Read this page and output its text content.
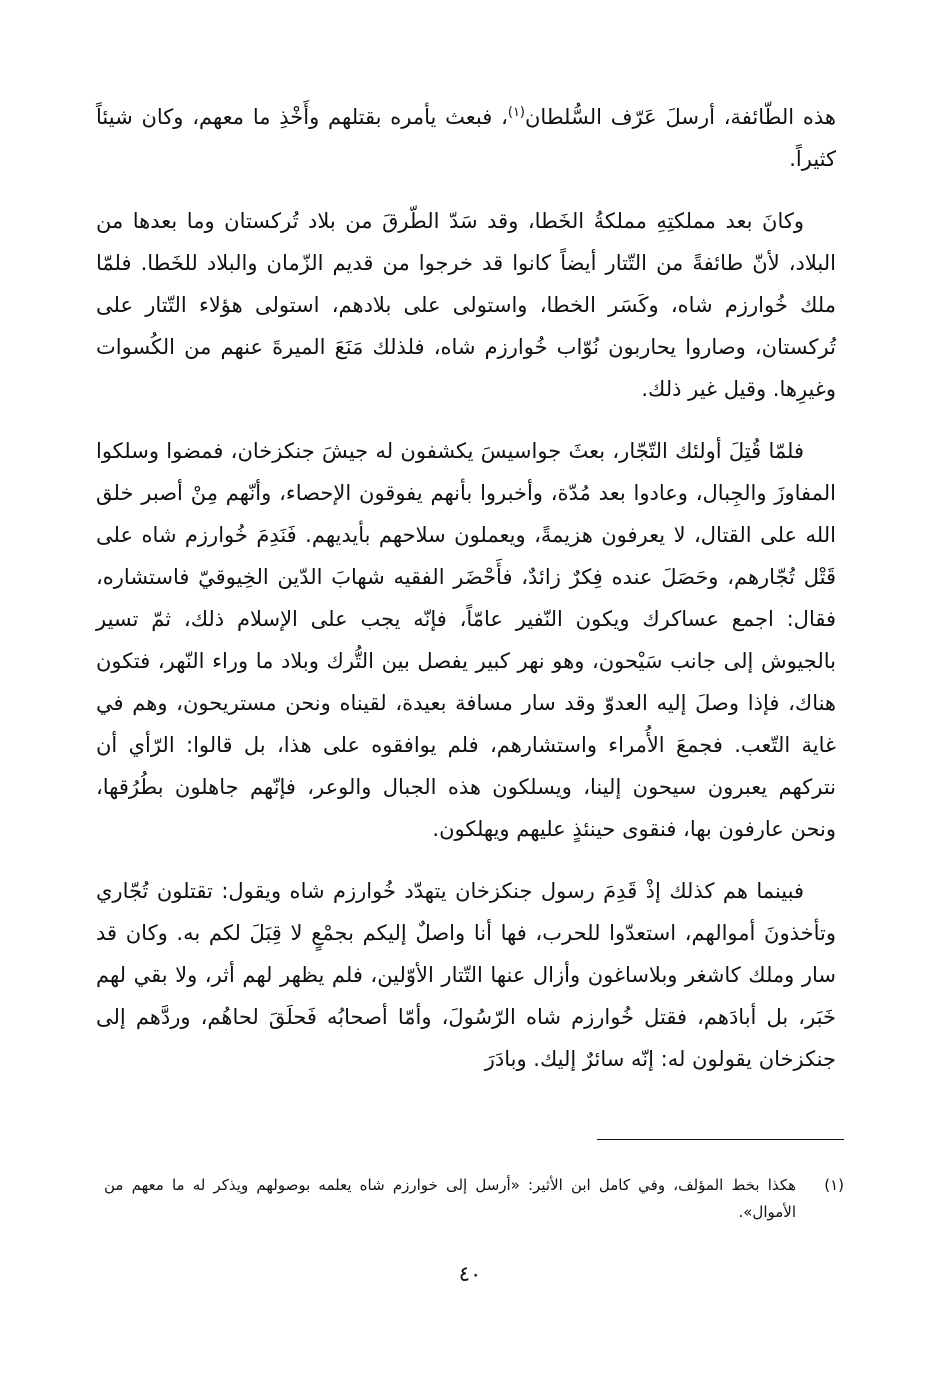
هذه الطّائفة، أرسلَ عَرّف السُّلطان$^{(١)}$، فبعث يأمره بقتلهم وأَخْذِ ما معهم، وكان شيئاً كثيراً.

وكانَ بعد مملكتِهِ مملكةُ الخَطا، وقد سَدّ الطّرقَ من بلاد تُركستان وما بعدها من البلاد، لأنّ طائفةً من التّتار أيضاً كانوا قد خرجوا من قديم الزّمان والبلاد للخَطا. فلمّا ملك خُوارزم شاه، وكَسَر الخطا، واستولى على بلادهم، استولى هؤلاء التّتار على تُركستان، وصاروا يحاربون نُوّاب خُوارزم شاه، فلذلك مَنَعَ الميرةَ عنهم من الكُسوات وغيرِها. وقيل غير ذلك.

فلمّا قُتِلَ أولئك التّجّار، بعثَ جواسيسَ يكشفون له جيشَ جنكزخان، فمضوا وسلكوا المفاوزَ والجِبال، وعادوا بعد مُدّة، وأخبروا بأنهم يفوقون الإحصاء، وأنّهم مِنْ أصبر خلق الله على القتال، لا يعرفون هزيمةً، ويعملون سلاحهم بأيديهم. فَنَدِمَ خُوارزم شاه على قَتْل تُجّارهم، وحَصَلَ عنده فِكرٌ زائدٌ، فأَحْضَر الفقيه شهابَ الدّين الخِيوقيّ فاستشاره، فقال: اجمع عساكرك ويكون النّفير عامّاً، فإنّه يجب على الإسلام ذلك، ثمّ تسير بالجيوش إلى جانب سَيْحون، وهو نهر كبير يفصل بين التُّرك وبلاد ما وراء النّهر، فتكون هناك، فإذا وصلَ إليه العدوّ وقد سار مسافة بعيدة، لقيناه ونحن مستريحون، وهم في غاية التّعب. فجمعَ الأُمراء واستشارهم، فلم يوافقوه على هذا، بل قالوا: الرّأي أن نتركهم يعبرون سيحون إلينا، ويسلكون هذه الجبال والوعر، فإنّهم جاهلون بطُرُقها، ونحن عارفون بها، فنقوى حينئذٍ عليهم ويهلكون.

فبينما هم كذلك إذْ قَدِمَ رسول جنكزخان يتهدّد خُوارزم شاه ويقول: تقتلون تُجّاري وتأخذونَ أموالهم، استعدّوا للحرب، فها أنا واصلٌ إليكم بجمْعٍ لا قِبَلَ لكم به. وكان قد سار وملك كاشغر وبلاساغون وأزال عنها التّتار الأوّلين، فلم يظهر لهم أثر، ولا بقي لهم خَبَر، بل أبادَهم، فقتل خُوارزم شاه الرّسُولَ، وأمّا أصحابُه فَحلَقَ لحاهُم، وردَّهم إلى جنكزخان يقولون له: إنّه سائرٌ إليك. وبادَرَ

(١)
هكذا بخط المؤلف، وفي كامل ابن الأثير: «أرسل إلى خوارزم شاه يعلمه بوصولهم ويذكر له ما معهم من الأموال».
٤٠
